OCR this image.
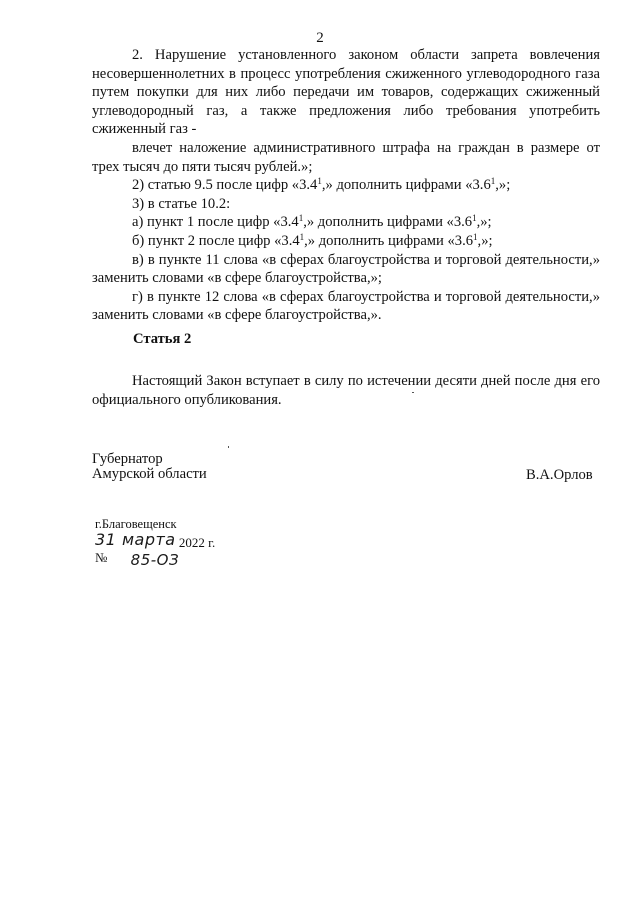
2

2. Нарушение установленного законом области запрета вовлечения несовершеннолетних в процесс употребления сжиженного углеводородного газа путем покупки для них либо передачи им товаров, содержащих сжиженный углеводородный газ, а также предложения либо требования употребить сжиженный газ -

влечет наложение административного штрафа на граждан в размере от трех тысяч до пяти тысяч рублей.»;

2) статью 9.5 после цифр «$3.4^1$,» дополнить цифрами «$3.6^1$,»;

3) в статье 10.2:

а) пункт 1 после цифр «$3.4^1$,» дополнить цифрами «$3.6^1$,»;

б) пункт 2 после цифр «$3.4^1$,» дополнить цифрами «$3.6^1$,»;

в) в пункте 11 слова «в сферах благоустройства и торговой деятельности,» заменить словами «в сфере благоустройства,»;

г) в пункте 12 слова «в сферах благоустройства и торговой деятельности,» заменить словами «в сфере благоустройства,».

Статья 2

Настоящий Закон вступает в силу по истечении десяти дней после дня его официального опубликования.

Губернатор
Амурской области	В.А.Орлов
г.Благовещенск
31 марта 2022 г.
№ 85-ОЗ
